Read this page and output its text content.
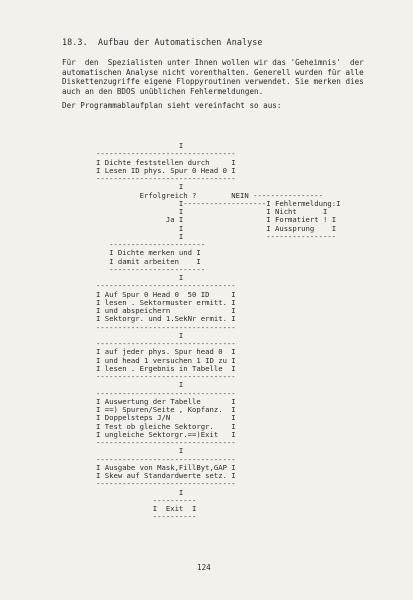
18.3.  Aufbau der Automatischen Analyse
Für  den  Spezialisten unter Ihnen wollen wir das 'Geheimnis'  der
automatischen Analyse nicht vorenthalten. Generell wurden für alle
Diskettenzugriffe eigene Floppyroutinen verwendet. Sie merken dies
auch an den BDOS unüblichen Fehlermeldungen.
Der Programmablaufplan sieht vereinfacht so aus:
I
--------------------------------
I Dichte feststellen durch     I
I Lesen ID phys. Spur 0 Head 0 I
--------------------------------
I
Erfolgreich ?        NEIN ----------------
I-------------------I Fehlermeldung:I
I                   I Nicht      I
Ja I                   I Formatiert ! I
I                   I Aussprung    I
I                   ----------------
----------------------
I Dichte merken und I
I damit arbeiten    I
----------------------
I
--------------------------------
I Auf Spur 0 Head 0  50 ID     I
I lesen . Sektormuster ermitt. I
I und abspeichern              I
I Sektorgr. und 1.SekNr ermit. I
--------------------------------
I
--------------------------------
I auf jeder phys. Spur head 0  I
I und head 1 versuchen 1 ID zu I
I lesen . Ergebnis in Tabelle  I
--------------------------------
I
--------------------------------
I Auswertung der Tabelle       I
I ==) Spuren/Seite , Kopfanz.  I
I Doppelsteps J/N              I
I Test ob gleiche Sektorgr.    I
I ungleiche Sektorgr.==)Exit   I
--------------------------------
I
--------------------------------
I Ausgabe von Mask,FillByt,GAP I
I Skew auf Standardwerte setz. I
--------------------------------
I
----------
I  Exit  I
----------
124
